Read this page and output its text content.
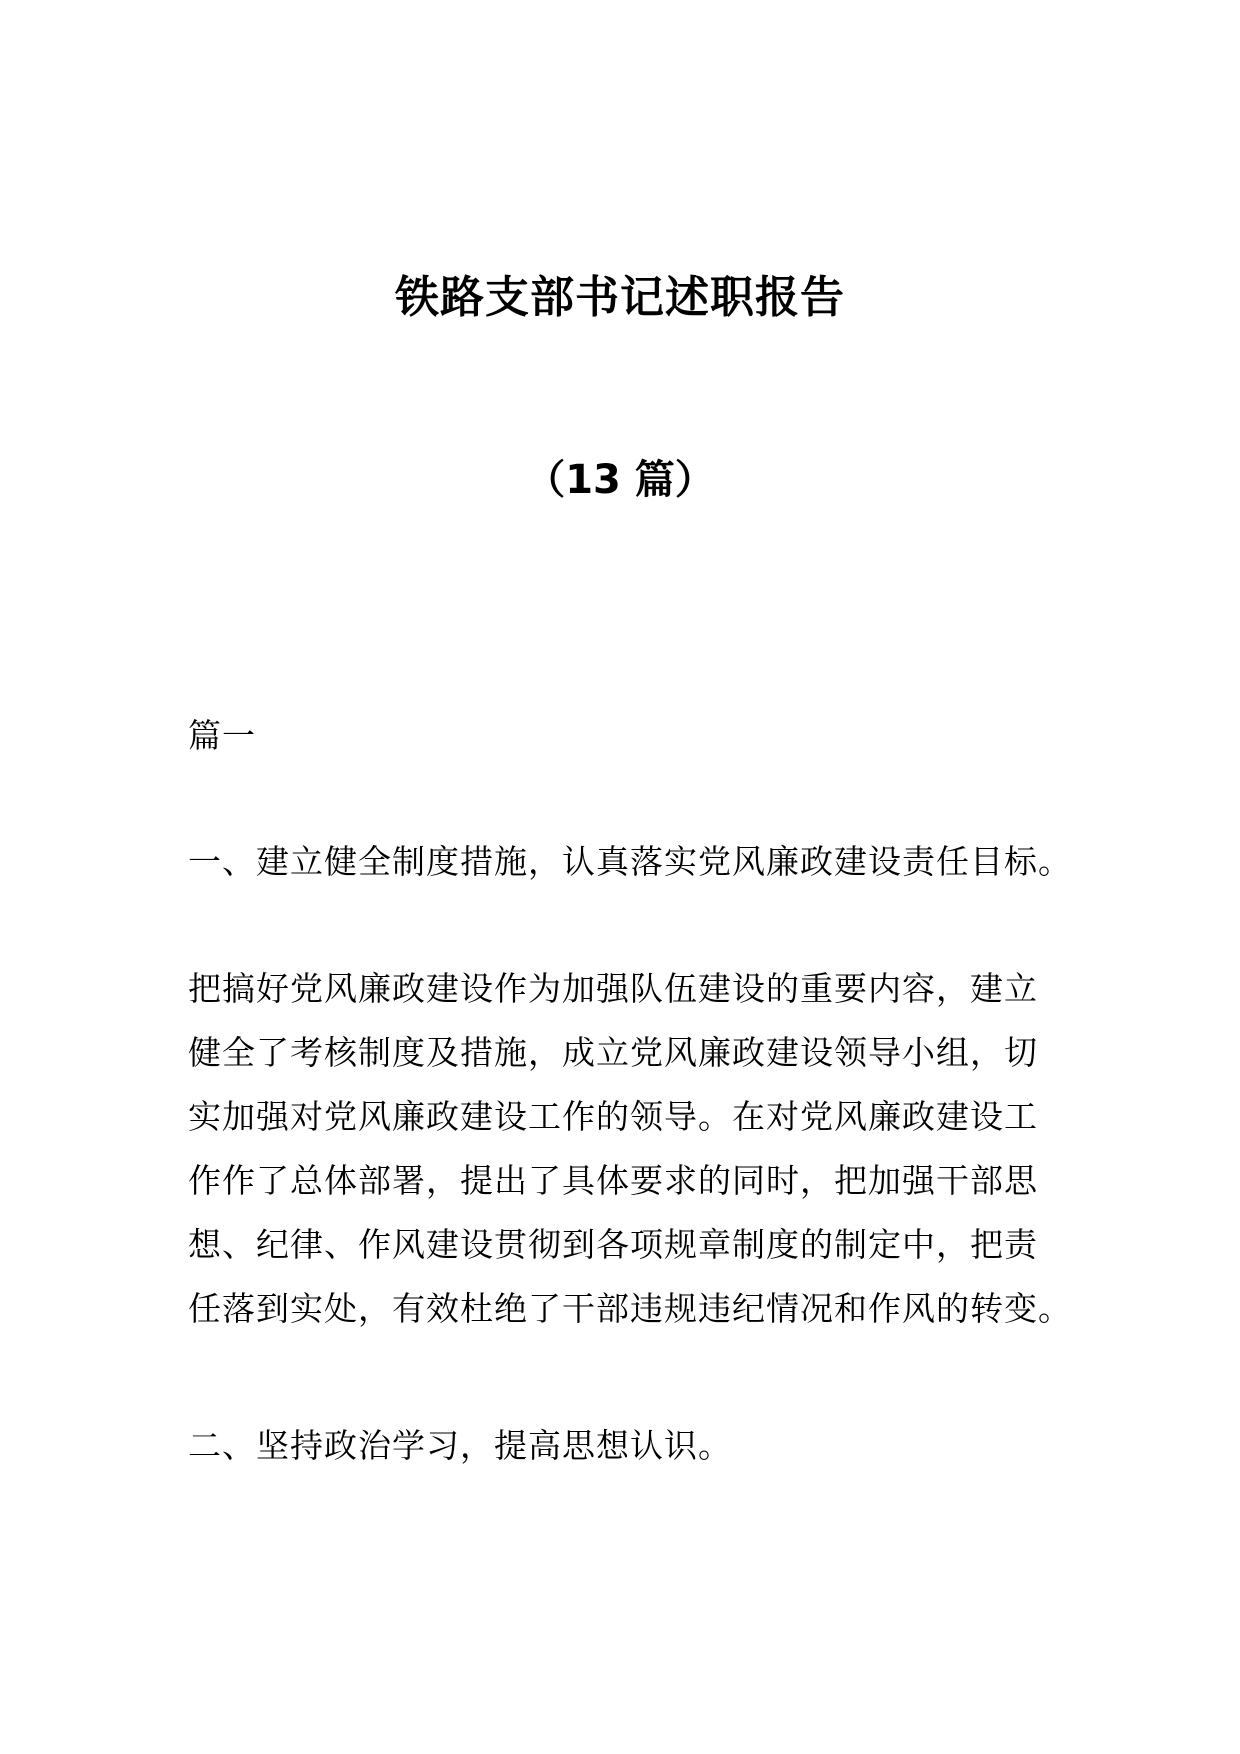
铁路支部书记述职报告
（13 篇）

篇一

一、建立健全制度措施，认真落实党风廉政建设责任目标。

把搞好党风廉政建设作为加强队伍建设的重要内容，建立
健全了考核制度及措施，成立党风廉政建设领导小组，切
实加强对党风廉政建设工作的领导。在对党风廉政建设工
作作了总体部署，提出了具体要求的同时，把加强干部思
想、纪律、作风建设贯彻到各项规章制度的制定中，把责
任落到实处，有效杜绝了干部违规违纪情况和作风的转变。

二、坚持政治学习，提高思想认识。
